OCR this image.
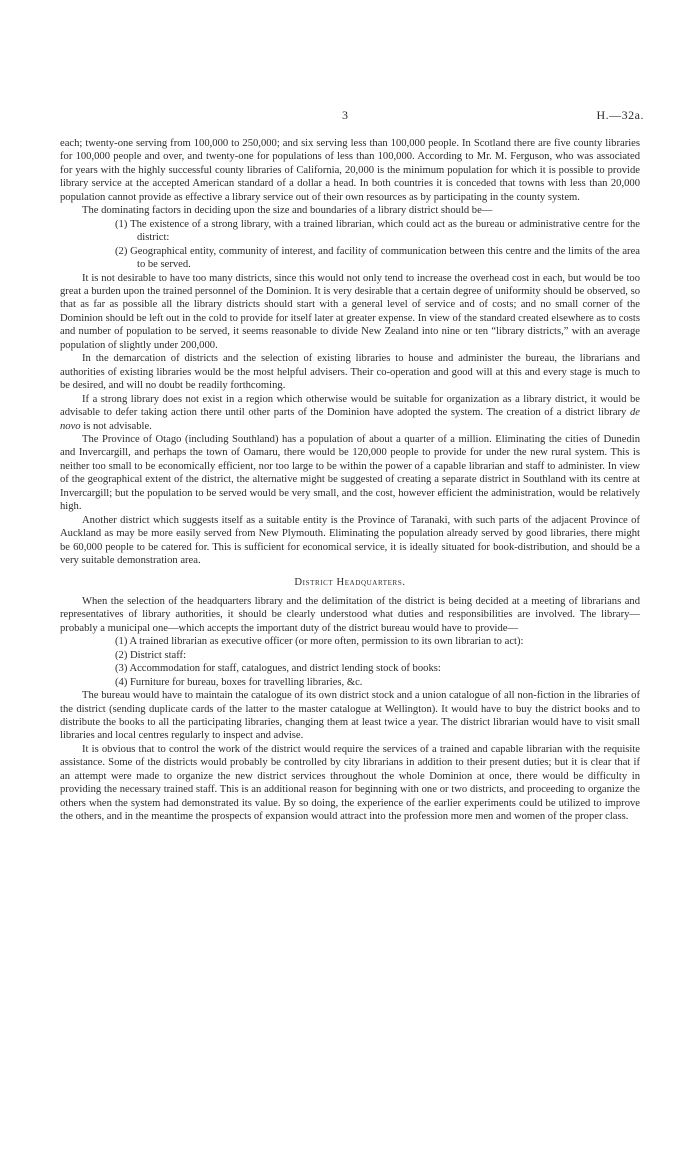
3	H.—32a.

each; twenty-one serving from 100,000 to 250,000; and six serving less than 100,000 people. In Scotland there are five county libraries for 100,000 people and over, and twenty-one for populations of less than 100,000. According to Mr. M. Ferguson, who was associated for years with the highly successful county libraries of California, 20,000 is the minimum population for which it is possible to provide library service at the accepted American standard of a dollar a head. In both countries it is conceded that towns with less than 20,000 population cannot provide as effective a library service out of their own resources as by participating in the county system.

The dominating factors in deciding upon the size and boundaries of a library district should be—

(1) The existence of a strong library, with a trained librarian, which could act as the bureau or administrative centre for the district:
(2) Geographical entity, community of interest, and facility of communication between this centre and the limits of the area to be served.

It is not desirable to have too many districts, since this would not only tend to increase the overhead cost in each, but would be too great a burden upon the trained personnel of the Dominion. It is very desirable that a certain degree of uniformity should be observed, so that as far as possible all the library districts should start with a general level of service and of costs; and no small corner of the Dominion should be left out in the cold to provide for itself later at greater expense. In view of the standard created elsewhere as to costs and number of population to be served, it seems reasonable to divide New Zealand into nine or ten “library districts,” with an average population of slightly under 200,000.

In the demarcation of districts and the selection of existing libraries to house and administer the bureau, the librarians and authorities of existing libraries would be the most helpful advisers. Their co-operation and good will at this and every stage is much to be desired, and will no doubt be readily forthcoming.

If a strong library does not exist in a region which otherwise would be suitable for organization as a library district, it would be advisable to defer taking action there until other parts of the Dominion have adopted the system. The creation of a district library de novo is not advisable.

The Province of Otago (including Southland) has a population of about a quarter of a million. Eliminating the cities of Dunedin and Invercargill, and perhaps the town of Oamaru, there would be 120,000 people to provide for under the new rural system. This is neither too small to be economically efficient, nor too large to be within the power of a capable librarian and staff to administer. In view of the geographical extent of the district, the alternative might be suggested of creating a separate district in Southland with its centre at Invercargill; but the population to be served would be very small, and the cost, however efficient the administration, would be relatively high.

Another district which suggests itself as a suitable entity is the Province of Taranaki, with such parts of the adjacent Province of Auckland as may be more easily served from New Plymouth. Eliminating the population already served by good libraries, there might be 60,000 people to be catered for. This is sufficient for economical service, it is ideally situated for book-distribution, and should be a very suitable demonstration area.

District Headquarters.

When the selection of the headquarters library and the delimitation of the district is being decided at a meeting of librarians and representatives of library authorities, it should be clearly understood what duties and responsibilities are involved. The library—probably a municipal one—which accepts the important duty of the district bureau would have to provide—

(1) A trained librarian as executive officer (or more often, permission to its own librarian to act):
(2) District staff:
(3) Accommodation for staff, catalogues, and district lending stock of books:
(4) Furniture for bureau, boxes for travelling libraries, &c.

The bureau would have to maintain the catalogue of its own district stock and a union catalogue of all non-fiction in the libraries of the district (sending duplicate cards of the latter to the master catalogue at Wellington). It would have to buy the district books and to distribute the books to all the participating libraries, changing them at least twice a year. The district librarian would have to visit small libraries and local centres regularly to inspect and advise.

It is obvious that to control the work of the district would require the services of a trained and capable librarian with the requisite assistance. Some of the districts would probably be controlled by city librarians in addition to their present duties; but it is clear that if an attempt were made to organize the new district services throughout the whole Dominion at once, there would be difficulty in providing the necessary trained staff. This is an additional reason for beginning with one or two districts, and proceeding to organize the others when the system had demonstrated its value. By so doing, the experience of the earlier experiments could be utilized to improve the others, and in the meantime the prospects of expansion would attract into the profession more men and women of the proper class.
